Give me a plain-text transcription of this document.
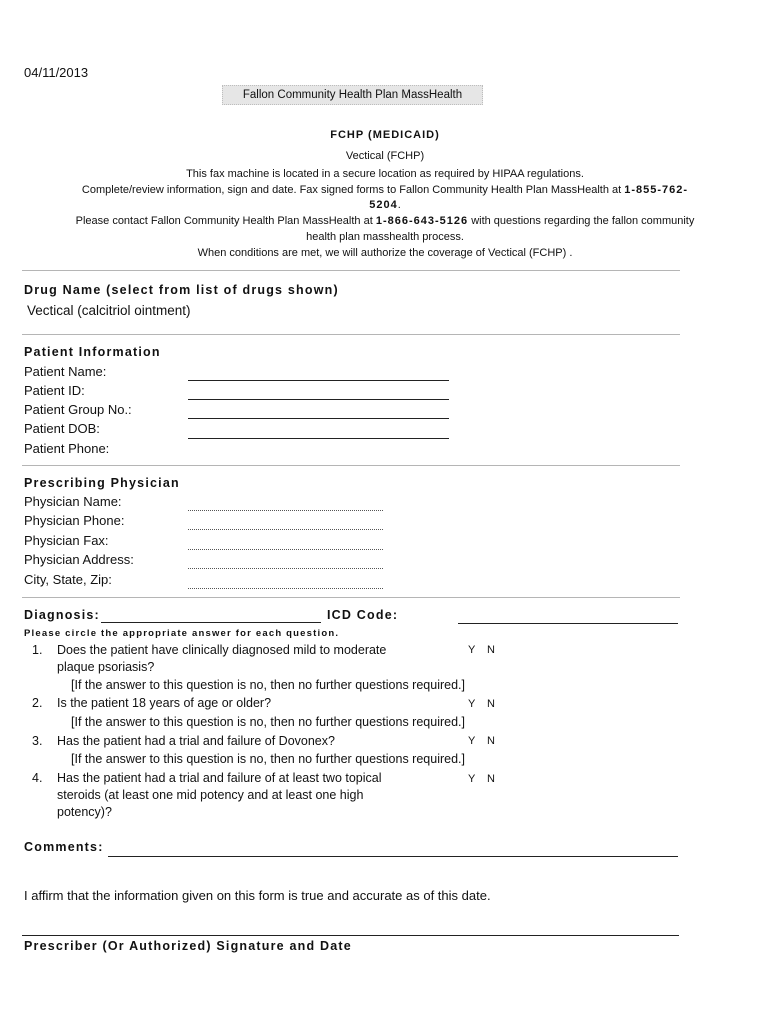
04/11/2013
Fallon Community Health Plan MassHealth
FCHP (MEDICAID)
Vectical (FCHP)
This fax machine is located in a secure location as required by HIPAA regulations.
Complete/review information, sign and date. Fax signed forms to Fallon Community Health Plan MassHealth at 1-855-762-
5204.
Please contact Fallon Community Health Plan MassHealth at 1-866-643-5126 with questions regarding the fallon community
health plan masshealth process.
When conditions are met, we will authorize the coverage of Vectical (FCHP) .
Drug Name (select from list of drugs shown)
Vectical (calcitriol ointment)
Patient Information
Patient Name:
Patient ID:
Patient Group No.:
Patient DOB:
Patient Phone:
Prescribing Physician
Physician Name:
Physician Phone:
Physician Fax:
Physician Address:
City, State, Zip:
Diagnosis:	ICD Code:
Please circle the appropriate answer for each question.
1. Does the patient have clinically diagnosed mild to moderate
plaque psoriasis?
Y N
[If the answer to this question is no, then no further questions required.]
2. Is the patient 18 years of age or older?	Y N
[If the answer to this question is no, then no further questions required.]
3. Has the patient had a trial and failure of Dovonex?	Y N
[If the answer to this question is no, then no further questions required.]
4. Has the patient had a trial and failure of at least two topical
steroids (at least one mid potency and at least one high
potency)?
Y N
Comments:
I affirm that the information given on this form is true and accurate as of this date.
Prescriber (Or Authorized) Signature and Date
